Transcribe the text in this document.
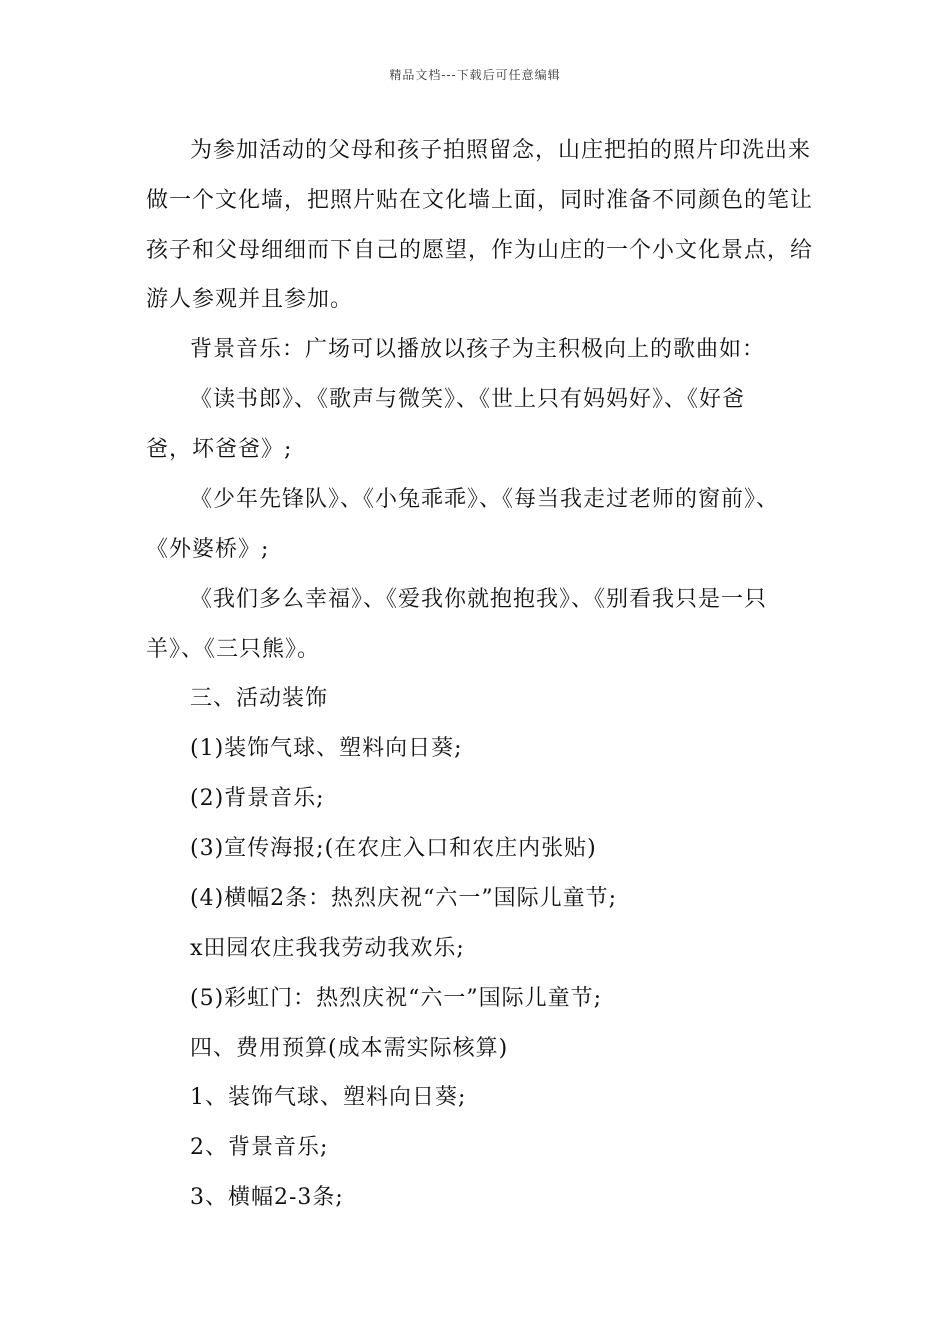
精品文档---下载后可任意编辑
为参加活动的父母和孩子拍照留念，山庄把拍的照片印洗出来
做一个文化墙，把照片贴在文化墙上面，同时准备不同颜色的笔让
孩子和父母细细而下自己的愿望，作为山庄的一个小文化景点，给
游人参观并且参加。
背景音乐：广场可以播放以孩子为主积极向上的歌曲如：
《读书郎》、《歌声与微笑》、《世上只有妈妈好》、《好爸
爸，坏爸爸》;
《少年先锋队》、《小兔乖乖》、《每当我走过老师的窗前》、
《外婆桥》;
《我们多么幸福》、《爱我你就抱抱我》、《别看我只是一只
羊》、《三只熊》。
三、活动装饰
(1)装饰气球、塑料向日葵;
(2)背景音乐;
(3)宣传海报;(在农庄入口和农庄内张贴)
(4)横幅2条：热烈庆祝“六一”国际儿童节;
x田园农庄我我劳动我欢乐;
(5)彩虹门：热烈庆祝“六一”国际儿童节;
四、费用预算(成本需实际核算)
1、装饰气球、塑料向日葵;
2、背景音乐;
3、横幅2-3条;
